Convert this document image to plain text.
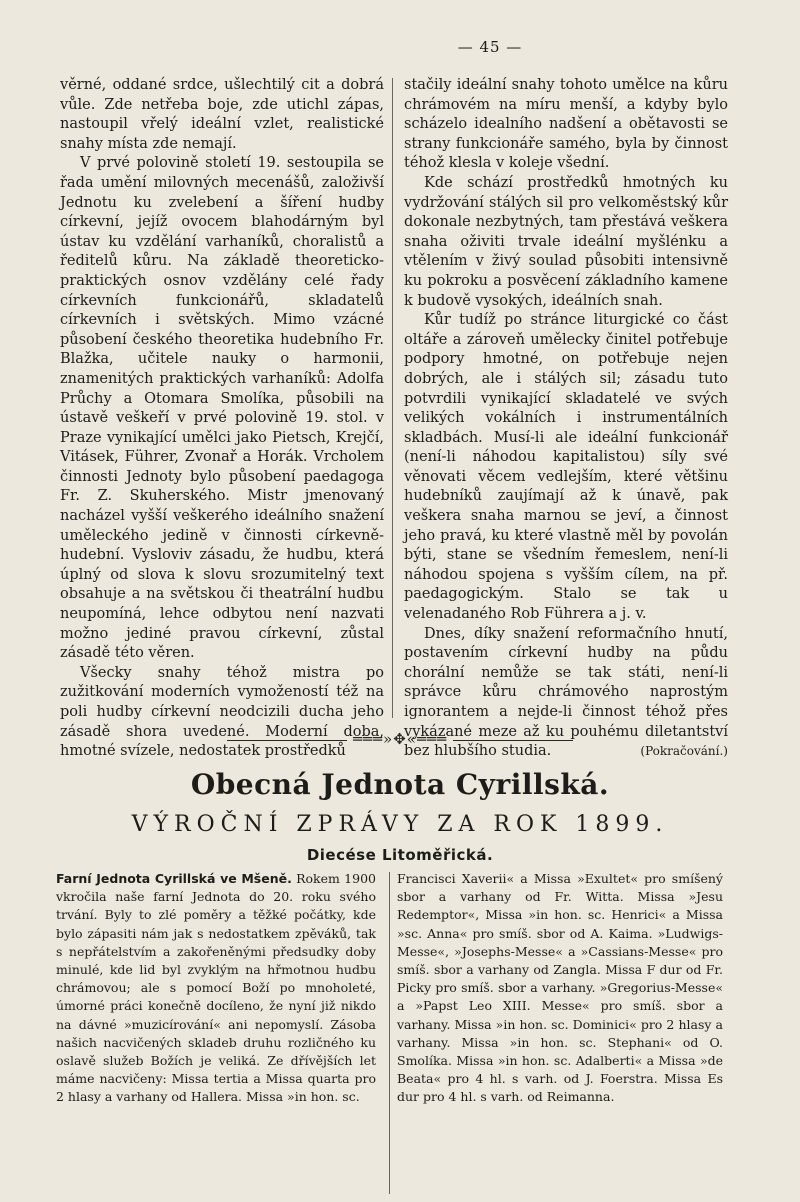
— 45 —

věrné, oddané srdce, ušlechtilý cit a dobrá vůle. Zde netřeba boje, zde utichl zápas, nastoupil vřelý ideální vzlet, realistické snahy místa zde nemají.

V prvé polovině století 19. sestoupila se řada umění milovných mecenášů, založivší Jednotu ku zvelebení a šíření hudby církevní, jejíž ovocem blahodárným byl ústav ku vzdělání varhaníků, choralistů a ředitelů kůru. Na základě theoreticko-praktických osnov vzdělány celé řady církevních funkcionářů, skladatelů církevních i světských. Mimo vzácné působení českého theoretika hudebního Fr. Blažka, učitele nauky o harmonii, znamenitých praktických varhaníků: Adolfa Průchy a Otomara Smolíka, působili na ústavě veškeří v prvé polovině 19. stol. v Praze vynikající umělci jako Pietsch, Krejčí, Vitásek, Führer, Zvonař a Horák. Vrcholem činnosti Jednoty bylo působení paedagoga Fr. Z. Skuherského. Mistr jmenovaný nacházel vyšší veškerého ideálního snažení uměleckého jedině v činnosti církevně-hudební. Vysloviv zásadu, že hudbu, která úplný od slova k slovu srozumitelný text obsahuje a na světskou či theatrální hudbu neupomíná, lehce odbytou není nazvati možno jediné pravou církevní, zůstal zásadě této věren.

Všecky snahy téhož mistra po zužitkování moderních vymožeností též na poli hudby církevní neodcizili ducha jeho zásadě shora uvedené. Moderní doba, hmotné svízele, nedostatek prostředků

stačily ideální snahy tohoto umělce na kůru chrámovém na míru menší, a kdyby bylo scházelo idealního nadšení a obětavosti se strany funkcionáře samého, byla by činnost téhož klesla v koleje všední.

Kde schází prostředků hmotných ku vydržování stálých sil pro velkoměstský kůr dokonale nezbytných, tam přestává veškera snaha oživiti trvale ideální myšlénku a vtělením v živý soulad působiti intensivně ku pokroku a posvěcení základního kamene k budově vysokých, ideálních snah.

Kůr tudíž po stránce liturgické co část oltáře a zároveň umělecky činitel potřebuje podpory hmotné, on potřebuje nejen dobrých, ale i stálých sil; zásadu tuto potvrdili vynikající skladatelé ve svých velikých vokálních i instrumentálních skladbách. Musí-li ale ideální funkcionář (není-li náhodou kapitalistou) síly své věnovati věcem vedlejším, které většinu hudebníků zaujímají až k únavě, pak veškera snaha marnou se jeví, a činnost jeho pravá, ku které vlastně měl by povolán býti, stane se všedním řemeslem, není-li náhodou spojena s vyšším cílem, na př. paedagogickým. Stalo se tak u velenadaného Rob Führera a j. v.

Dnes, díky snažení reformačního hnutí, postavením církevní hudby na půdu chorální nemůže se tak státi, není-li správce kůru chrámového naprostým ignorantem a nejde-li činnost téhož přes vykázané meze až ku pouhému diletantství bez hlubšího studia.	(Pokračování.)

═══»✥«═══
Obecná Jednota Cyrillská.
VÝROČNÍ ZPRÁVY ZA ROK 1899.
Diecése Litoměřická.

Farní Jednota Cyrillská ve Mšeně. Rokem 1900 vkročila naše farní Jednota do 20. roku svého trvání. Byly to zlé poměry a těžké počátky, kde bylo zápasiti nám jak s nedostatkem zpěváků, tak s nepřátelstvím a zakořeněnými předsudky doby minulé, kde lid byl zvyklým na hřmotnou hudbu chrámovou; ale s pomocí Boží po mnoholeté, úmorné práci konečně docíleno, že nyní již nikdo na dávné »muzicírování« ani nepomyslí. Zásoba našich nacvičených skladeb druhu rozličného ku oslavě služeb Božích je veliká. Ze dřívějších let máme nacvičeny: Missa tertia a Missa quarta pro 2 hlasy a varhany od Hallera. Missa »in hon. sc.

Francisci Xaverii« a Missa »Exultet« pro smíšený sbor a varhany od Fr. Witta. Missa »Jesu Redemptor«, Missa »in hon. sc. Henrici« a Missa »sc. Anna« pro smíš. sbor od A. Kaima. »Ludwigs-Messe«, »Josephs-Messe« a »Cassians-Messe« pro smíš. sbor a varhany od Zangla. Missa F dur od Fr. Picky pro smíš. sbor a varhany. »Gregorius-Messe« a »Papst Leo XIII. Messe« pro smíš. sbor a varhany. Missa »in hon. sc. Dominici« pro 2 hlasy a varhany. Missa »in hon. sc. Stephani« od O. Smolíka. Missa »in hon. sc. Adalberti« a Missa »de Beata« pro 4 hl. s varh. od J. Foerstra. Missa Es dur pro 4 hl. s varh. od Reimanna.
